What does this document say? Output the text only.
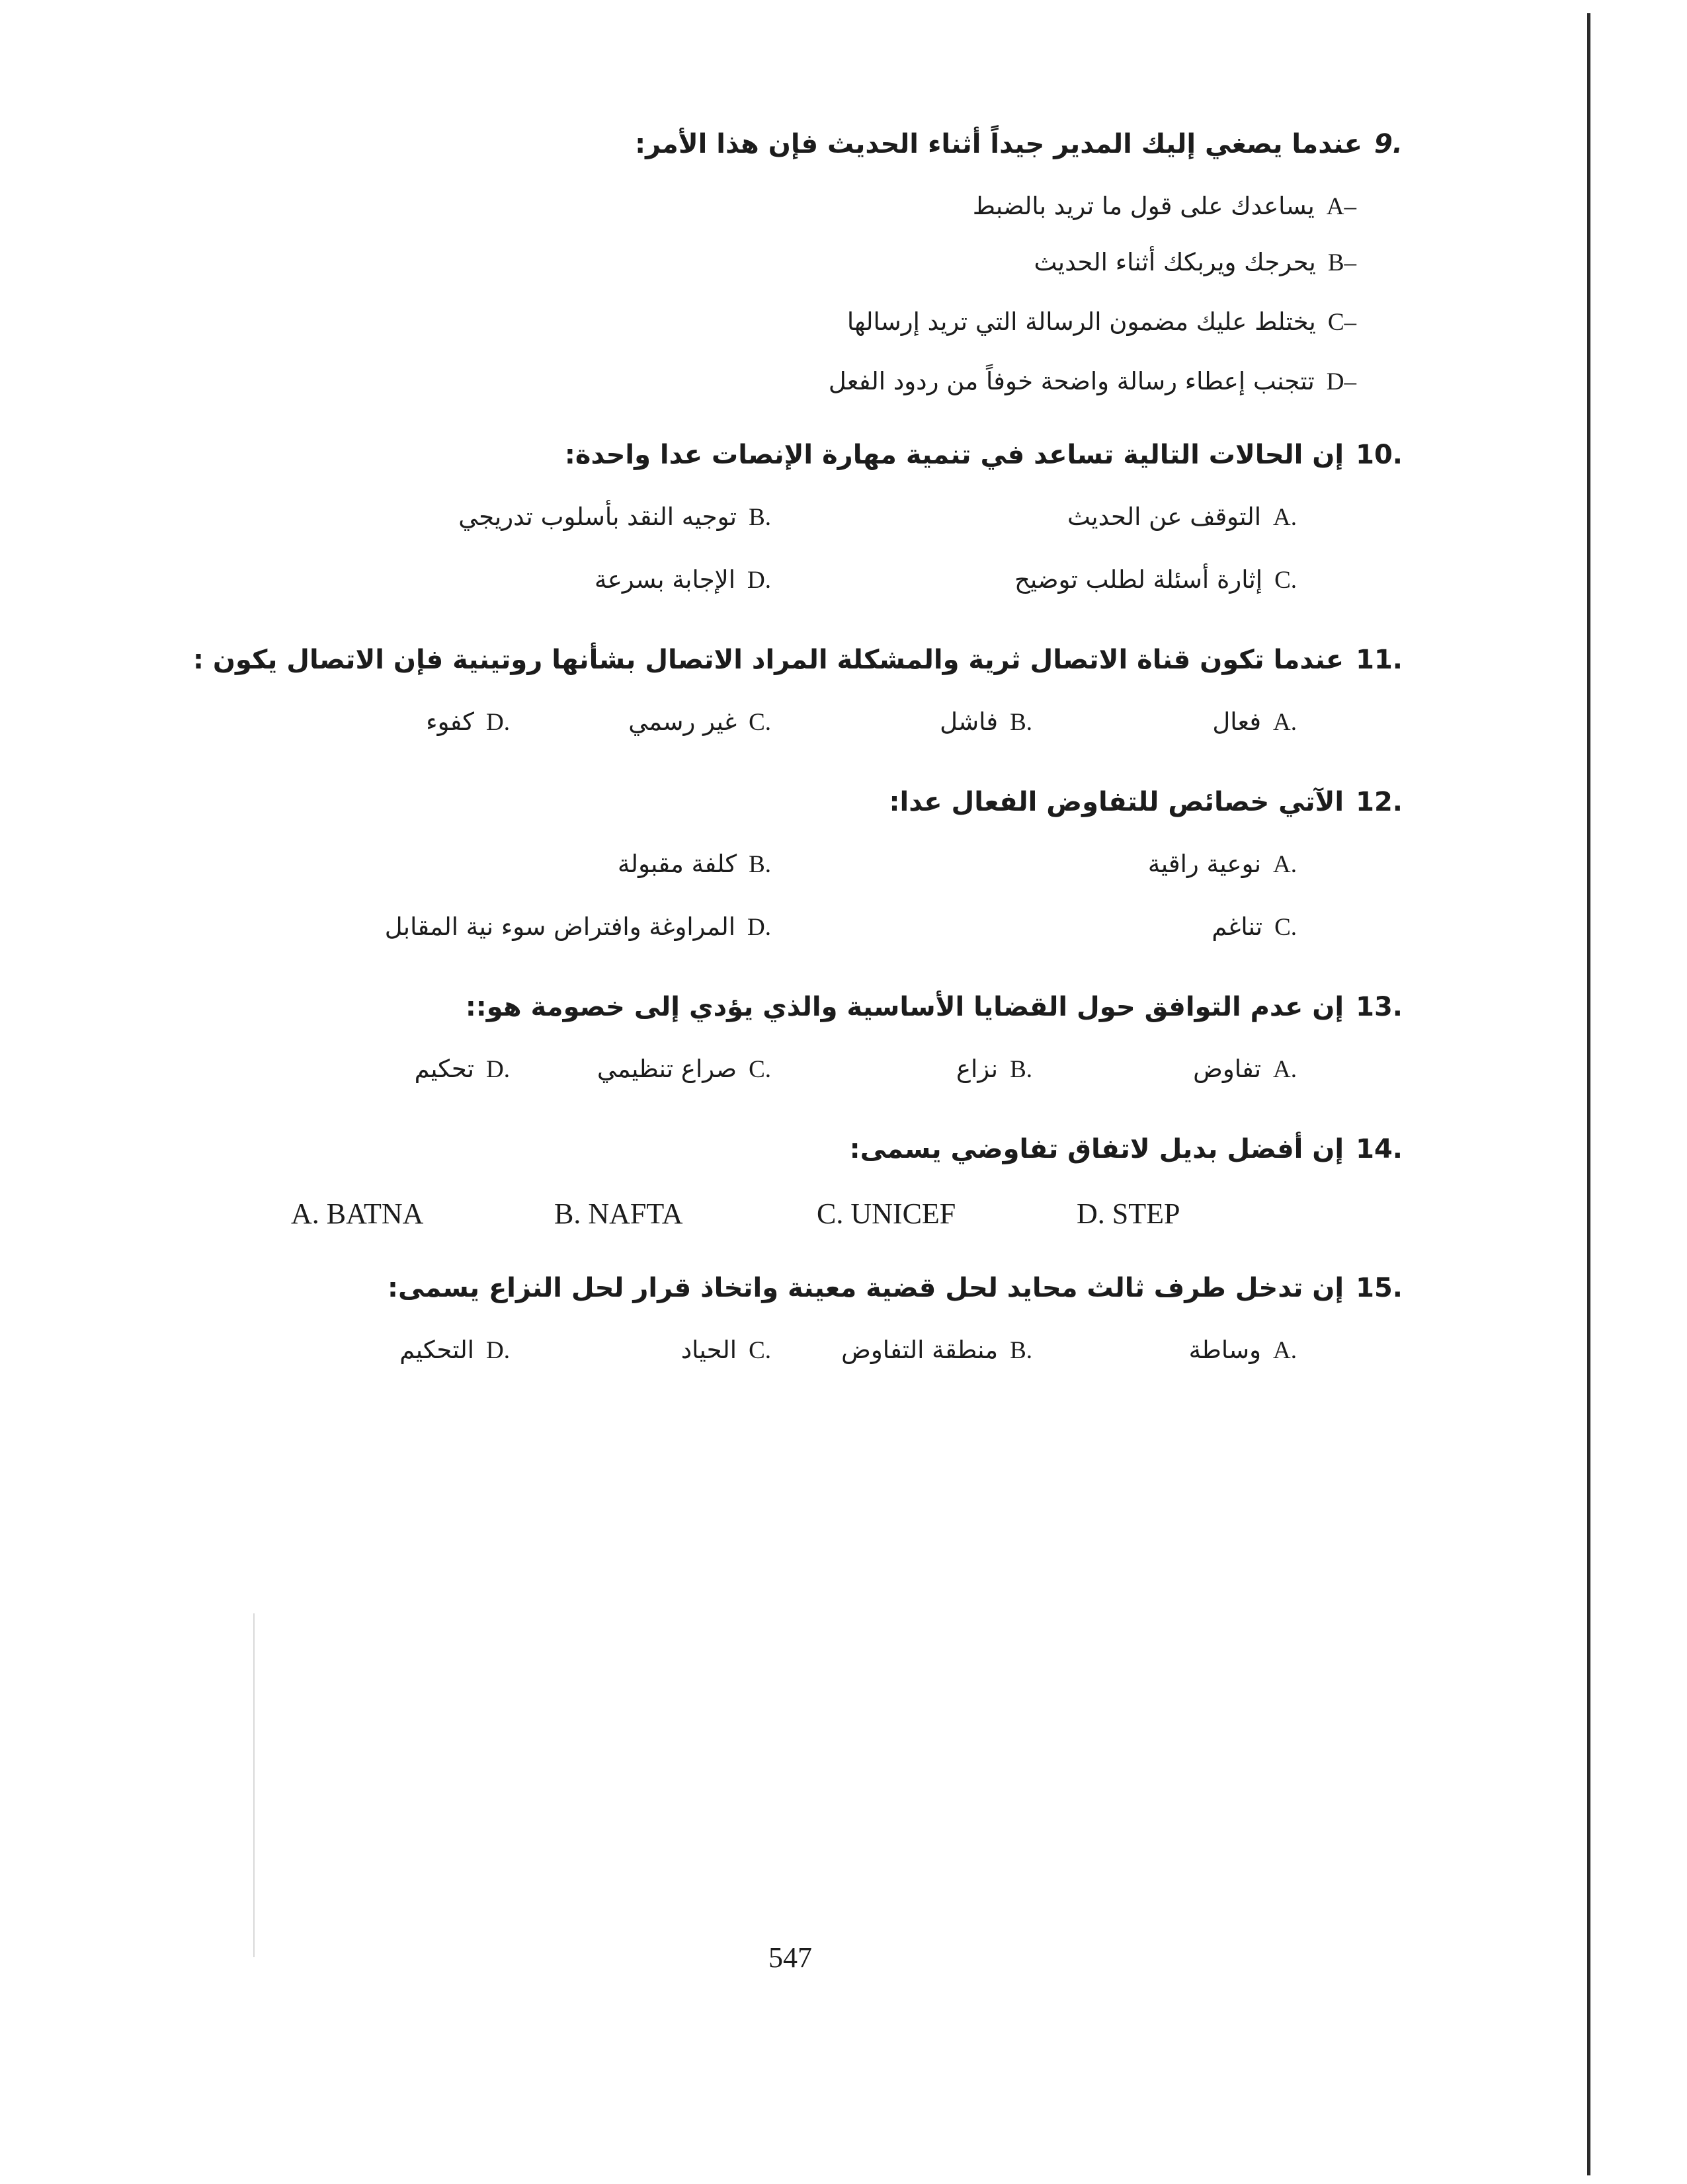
9.عندما يصغي إليك المدير جيداً أثناء الحديث فإن هذا الأمر:
A–يساعدك على قول ما تريد بالضبط
B–يحرجك ويربكك أثناء الحديث
C–يختلط عليك مضمون الرسالة التي تريد إرسالها
D–تتجنب إعطاء رسالة واضحة خوفاً من ردود الفعل
10.إن الحالات التالية تساعد في تنمية مهارة الإنصات عدا واحدة:
A.التوقف عن الحديث
B.توجيه النقد بأسلوب تدريجي
C.إثارة أسئلة لطلب توضيح
D.الإجابة بسرعة
11.عندما تكون قناة الاتصال ثرية والمشكلة المراد الاتصال بشأنها روتينية فإن الاتصال يكون :
A.فعال
B.فاشل
C.غير رسمي
D.كفوء
12.الآتي خصائص للتفاوض الفعال عدا:
A.نوعية راقية
B.كلفة مقبولة
C.تناغم
D.المراوغة وافتراض سوء نية المقابل
13.إن عدم التوافق حول القضايا الأساسية والذي يؤدي إلى خصومة هو::
A.تفاوض
B.نزاع
C.صراع تنظيمي
D.تحكيم
14.إن أفضل بديل لاتفاق تفاوضي يسمى:
A. BATNA	B. NAFTA	C. UNICEF	D. STEP
15.إن تدخل طرف ثالث محايد لحل قضية معينة واتخاذ قرار لحل النزاع يسمى:
A.وساطة
B.منطقة التفاوض
C.الحياد
D.التحكيم
547
